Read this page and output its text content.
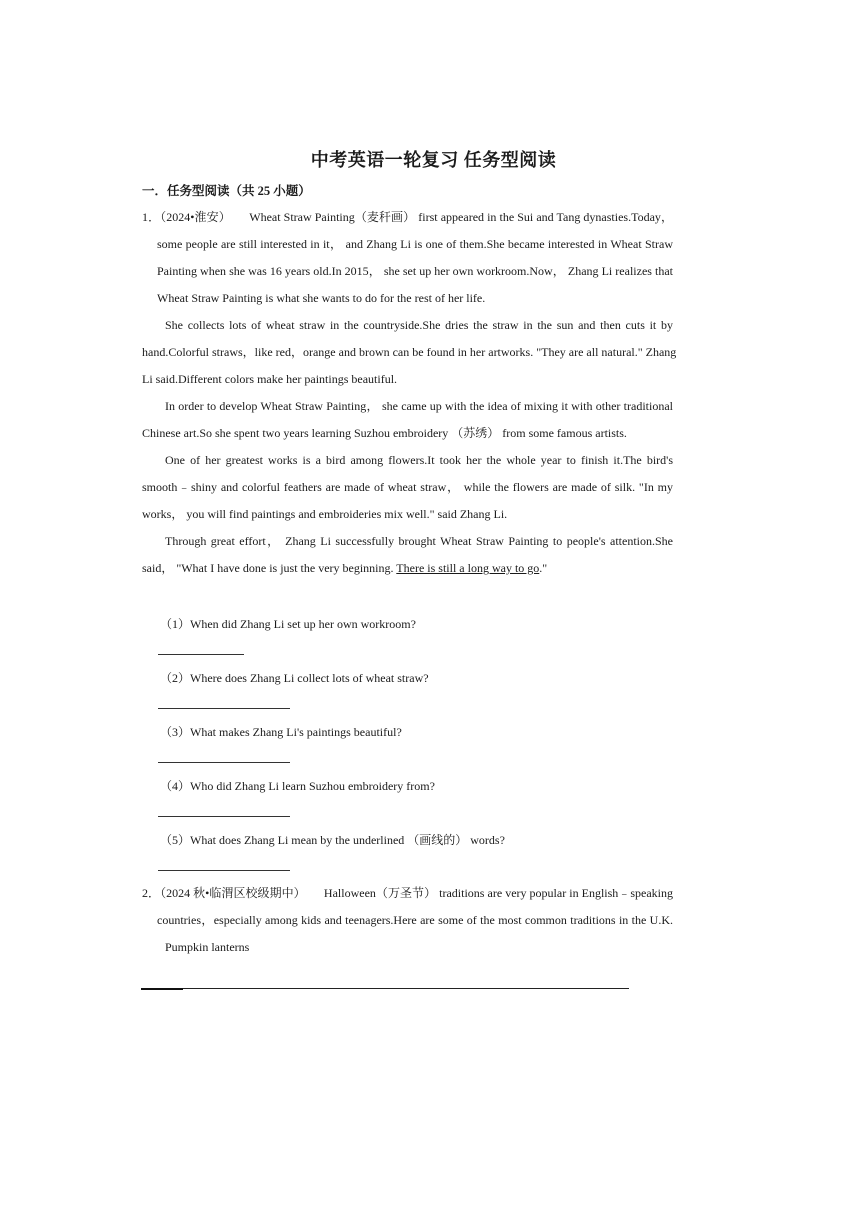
中考英语一轮复习 任务型阅读
一．任务型阅读（共 25 小题）
1．（2024•淮安） Wheat Straw Painting（麦秆画） first appeared in the Sui and Tang dynasties.Today，
some people are still interested in it， and Zhang Li is one of them.She became interested in Wheat Straw
Painting when she was 16 years old.In 2015， she set up her own workroom.Now， Zhang Li realizes that
Wheat Straw Painting is what she wants to do for the rest of her life.
She collects lots of wheat straw in the countryside.She dries the straw in the sun and then cuts it by
hand.Colorful straws，like red，orange and brown can be found in her artworks. "They are all natural." Zhang
Li said.Different colors make her paintings beautiful.
In order to develop Wheat Straw Painting， she came up with the idea of mixing it with other traditional
Chinese art.So she spent two years learning Suzhou embroidery （苏绣） from some famous artists.
One of her greatest works is a bird among flowers.It took her the whole year to finish it.The bird's
smooth﹣shiny and colorful feathers are made of wheat straw， while the flowers are made of silk. "In my
works， you will find paintings and embroideries mix well." said Zhang Li.
Through great effort， Zhang Li successfully brought Wheat Straw Painting to people's attention.She
said， "What I have done is just the very beginning. There is still a long way to go."
（1）When did Zhang Li set up her own workroom?
（2）Where does Zhang Li collect lots of wheat straw?
（3）What makes Zhang Li's paintings beautiful?
（4）Who did Zhang Li learn Suzhou embroidery from?
（5）What does Zhang Li mean by the underlined （画线的） words?
2．（2024 秋•临渭区校级期中） Halloween（万圣节） traditions are very popular in English﹣speaking
countries，especially among kids and teenagers.Here are some of the most common traditions in the U.K.
Pumpkin lanterns
